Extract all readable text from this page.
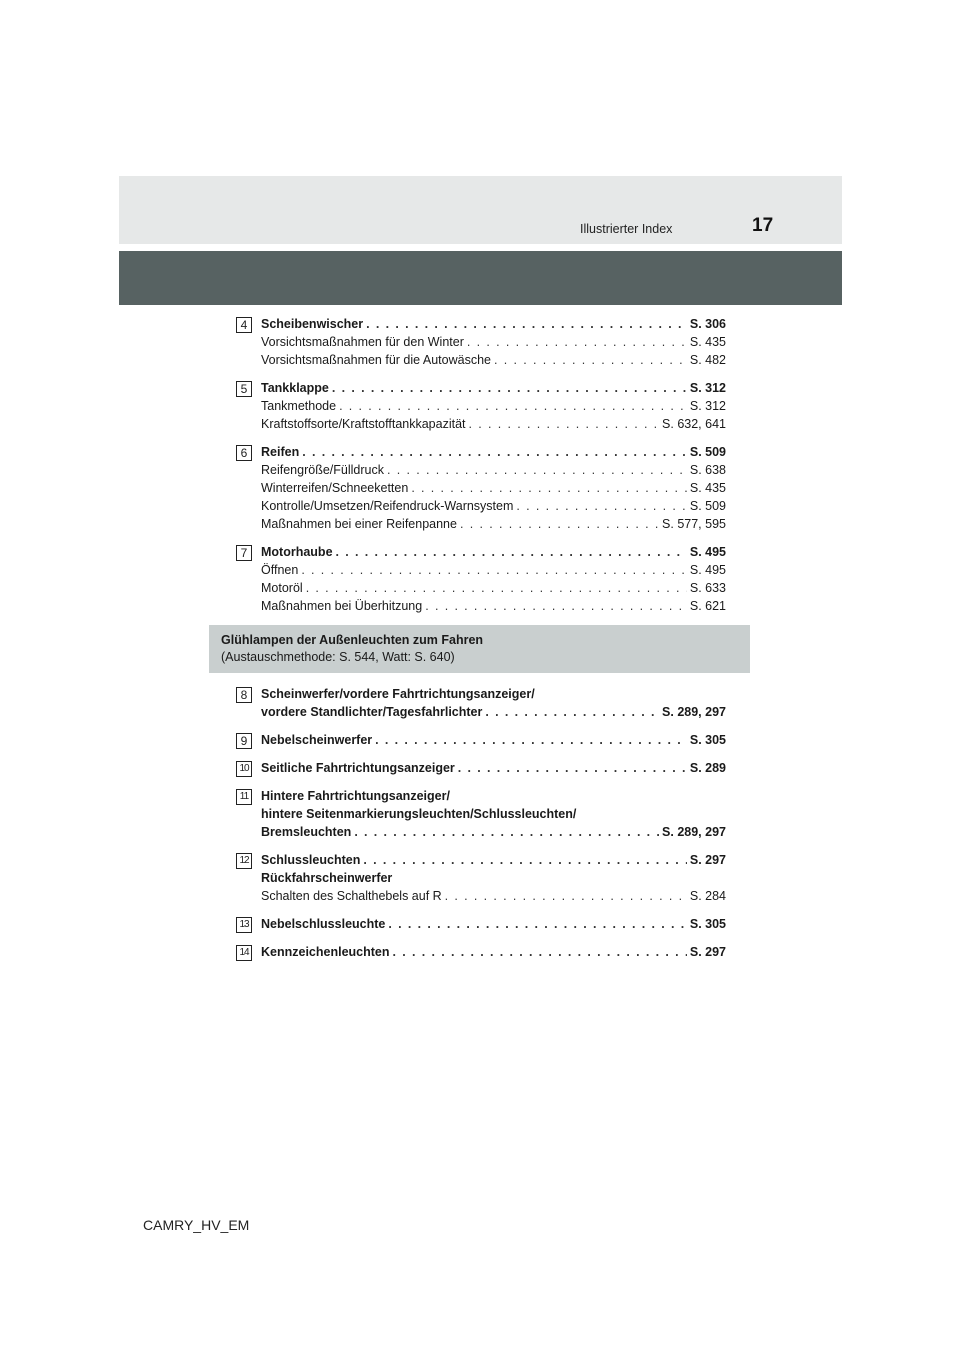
Illustrierter Index	17
4	Scheibenwischer . . .	S. 306
Vorsichtsmaßnahmen für den Winter . . .	S. 435
Vorsichtsmaßnahmen für die Autowäsche . . .	S. 482
5	Tankklappe . . .	S. 312
Tankmethode . . .	S. 312
Kraftstoffsorte/Kraftstofftankkapazität . . .	S. 632, 641
6	Reifen . . .	S. 509
Reifengröße/Fülldruck . . .	S. 638
Winterreifen/Schneeketten . . .	S. 435
Kontrolle/Umsetzen/Reifendruck-Warnsystem . . .	S. 509
Maßnahmen bei einer Reifenpanne . . .	S. 577, 595
7	Motorhaube . . .	S. 495
Öffnen . . .	S. 495
Motoröl . . .	S. 633
Maßnahmen bei Überhitzung . . .	S. 621
Glühlampen der Außenleuchten zum Fahren
(Austauschmethode: S. 544, Watt: S. 640)
8	Scheinwerfer/vordere Fahrtrichtungsanzeiger/
vordere Standlichter/Tagesfahrlichter . . .	S. 289, 297
9	Nebelscheinwerfer . . .	S. 305
10 Seitliche Fahrtrichtungsanzeiger . . .	S. 289
11	Hintere Fahrtrichtungsanzeiger/
hintere Seitenmarkierungsleuchten/Schlussleuchten/
Bremsleuchten . . .	S. 289, 297
12 Schlussleuchten . . .	S. 297
Rückfahrscheinwerfer
Schalten des Schalthebels auf R . . .	S. 284
13 Nebelschlussleuchte . . .	S. 305
14 Kennzeichenleuchten . . .	S. 297
CAMRY_HV_EM
